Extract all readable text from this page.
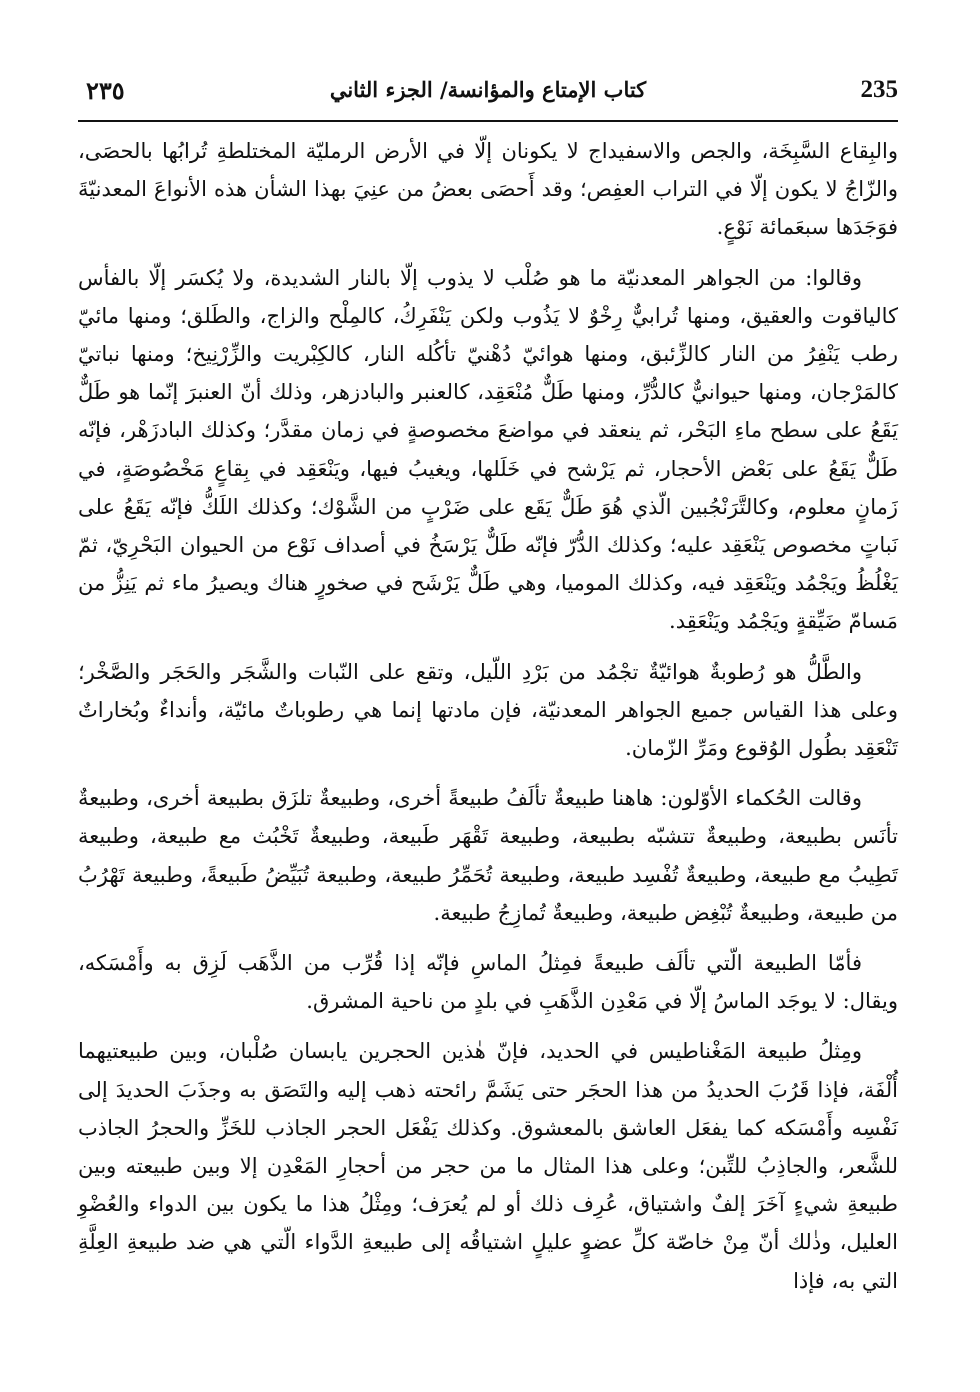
235
كتاب الإمتاع والمؤانسة/ الجزء الثاني
٢٣٥

والبِقاع السَّبِخَة، والجص والاسفيداج لا يكونان إلّا في الأرض الرمليّة المختلطةِ تُرابُها بالحصَى، والزّاجُ لا يكون إلّا في التراب العفِص؛ وقد أَحصَى بعضُ من عنِيَ بهذا الشأن هذه الأنواعَ المعدنيّةَ فوَجَدَها سبعَمائة نَوْعٍ.

وقالوا: من الجواهر المعدنيّة ما هو صُلْب لا يذوب إلّا بالنار الشديدة، ولا يُكسَر إلّا بالفأس كالياقوت والعقيق، ومنها تُرابيٌّ رِخْوٌ لا يَذُوب ولكن يَنْفَرِكُ، كالمِلْح والزاج، والطَلق؛ ومنها مائيّ رطب يَنْفِرُ من النار كالزِّئبق، ومنها هوائيّ دُهْنيّ تأكُله النار، كالكِبْريت والزِّرْنِيخ؛ ومنها نباتيّ كالمَرْجان، ومنها حيوانيٌّ كالدُّرِّ، ومنها طَلٌّ مُنْعَقِد، كالعنبر والبادزهر، وذلك أنّ العنبرَ إنّما هو طَلٌّ يَقَعُ على سطح ماءِ البَحْر، ثم ينعقد في مواضعَ مخصوصةٍ في زمان مقدَّر؛ وكذلك البادزَهْر، فإنّه طَلٌّ يَقَعُ على بَعْض الأحجار، ثم يَرْشح في خَلَلها، ويغيبُ فيها، ويَنْعَقِد في بِقاعٍ مَخْصُوصَةٍ، في زَمانٍ معلوم، وكالتَّرَنْجُبين الّذي هُوَ طَلٌّ يَقَع على ضَرْبٍ من الشَّوْك؛ وكذلك اللَكُّ فإنّه يَقَعُ على نَباتٍ مخصوص يَنْعَقِد عليه؛ وكذلك الدُّرّ فإنّه طَلٌّ يَرْسَخُ في أصداف نَوْع من الحيوان البَحْرِيّ، ثمّ يَغْلُظُ ويَجْمُد ويَنْعَقِد فيه، وكذلك الموميا، وهي طَلٌّ يَرْشَح في صخورٍ هناك ويصيرُ ماء ثم يَنِزُّ من مَسامّ ضَيِّقةٍ ويَجْمُد ويَنْعَقِد.

والطَّلُّ هو رُطوبةٌ هوائيّةٌ تجْمُد من بَرْدِ اللّيل، وتقع على النّبات والشَّجَر والحَجَر والصَّخْر؛ وعلى هذا القياس جميع الجواهر المعدنيّة، فإن مادتها إنما هي رطوباتٌ مائيّة، وأنداءٌ وبُخاراتٌ تَنْعَقِد بطُول الوُقوع ومَرِّ الزّمان.

وقالت الحُكماء الأوّلون: هاهنا طبيعةٌ تألَفُ طبيعةً أخرى، وطبيعةٌ تلزَق بطبيعة أخرى، وطبيعةٌ تأنَس بطبيعة، وطبيعةٌ تتشبّه بطبيعة، وطبيعة تَقْهَر طَبيعة، وطبيعةٌ تَخْبُث مع طبيعة، وطبيعة تَطِيبُ مع طبيعة، وطبيعةٌ تُفْسِد طبيعة، وطبيعة تُحَمِّرُ طبيعة، وطبيعة تُبَيِّضُ طَبيعةً، وطبيعة تَهْرُبُ من طبيعة، وطبيعةٌ تُبْغِض طبيعة، وطبيعةٌ تُمازِجُ طبيعة.

فأمّا الطبيعة الّتي تألَف طبيعةً فمِثلُ الماسِ فإنّه إذا قُرِّب من الذَّهَب لَزِق به وأَمْسَكه، ويقال: لا يوجَد الماسُ إلّا في مَعْدِن الذَّهَبِ في بلدٍ من ناحية المشرق.

ومِثلُ طبيعة المَغْناطيس في الحديد، فإنّ هٰذين الحجرين يابسان صُلْبان، وبين طبيعتيهما أُلْفَة، فإذا قَرُبَ الحديدُ من هذا الحجَر حتى يَشَمَّ رائحته ذهب إليه والتَصَق به وجذَبَ الحديدَ إلى نَفْسِه وأَمْسَكه كما يفعَل العاشق بالمعشوق. وكذلك يَفْعَل الحجر الجاذب للخَزِّ والحجرُ الجاذب للشَّعر، والجاذِبُ للتِّبن؛ وعلى هذا المثال ما من حجر من أحجارِ المَعْدِن إلا وبين طبيعته وبين طبيعةِ شيءٍ آخَرَ إلفٌ واشتياق، عُرِف ذلك أو لم يُعرَف؛ ومِثْلُ هذا ما يكون بين الدواء والعُضْوِ العليل، وذٰلك أنّ مِنْ خاصّة كلِّ عضوٍ عليلٍ اشتياقُه إلى طبيعةِ الدَّواء الّتي هي ضد طبيعةِ العِلَّةِ التي به، فإذا
